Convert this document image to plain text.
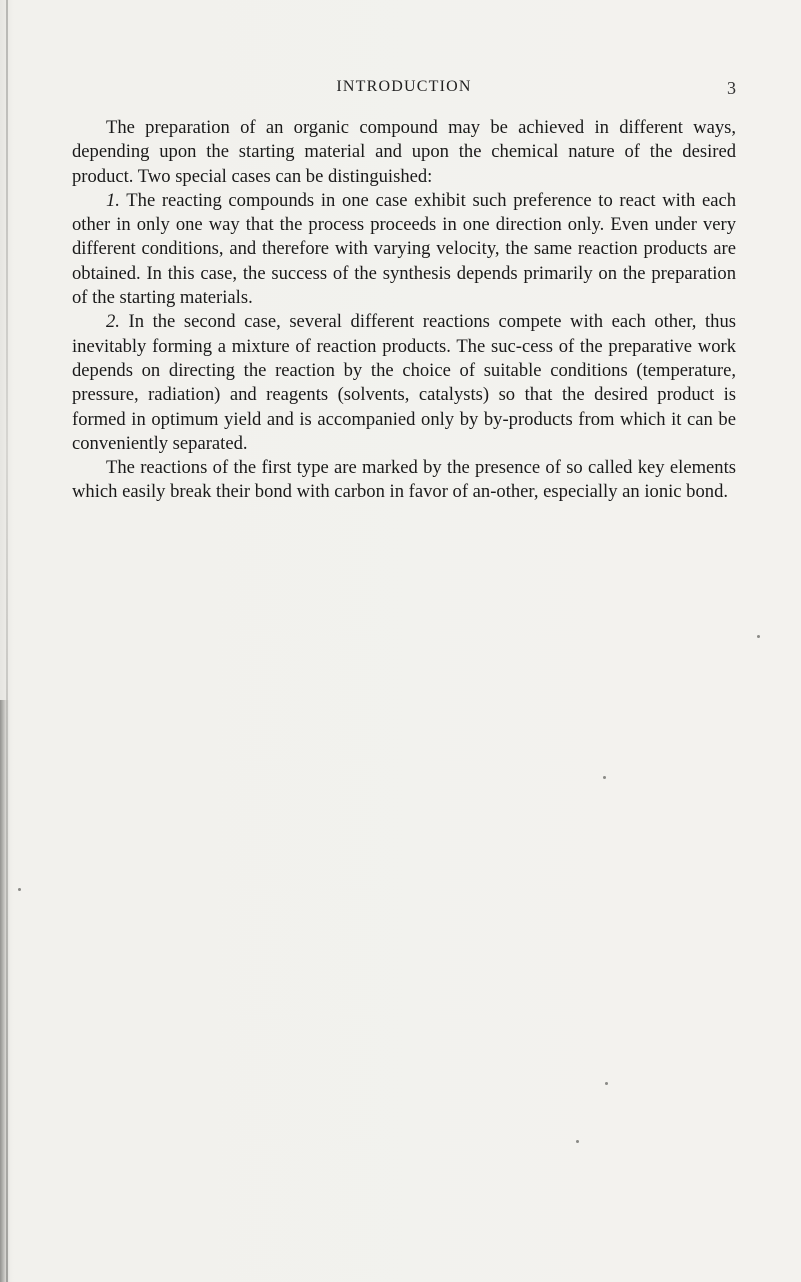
INTRODUCTION	3

The preparation of an organic compound may be achieved in different ways, depending upon the starting material and upon the chemical nature of the desired product. Two special cases can be distinguished:

1. The reacting compounds in one case exhibit such preference to react with each other in only one way that the process proceeds in one direction only. Even under very different conditions, and therefore with varying velocity, the same reaction products are obtained. In this case, the success of the synthesis depends primarily on the preparation of the starting materials.

2. In the second case, several different reactions compete with each other, thus inevitably forming a mixture of reaction products. The suc-cess of the preparative work depends on directing the reaction by the choice of suitable conditions (temperature, pressure, radiation) and reagents (solvents, catalysts) so that the desired product is formed in optimum yield and is accompanied only by by-products from which it can be conveniently separated.

The reactions of the first type are marked by the presence of so called key elements which easily break their bond with carbon in favor of an-other, especially an ionic bond.
